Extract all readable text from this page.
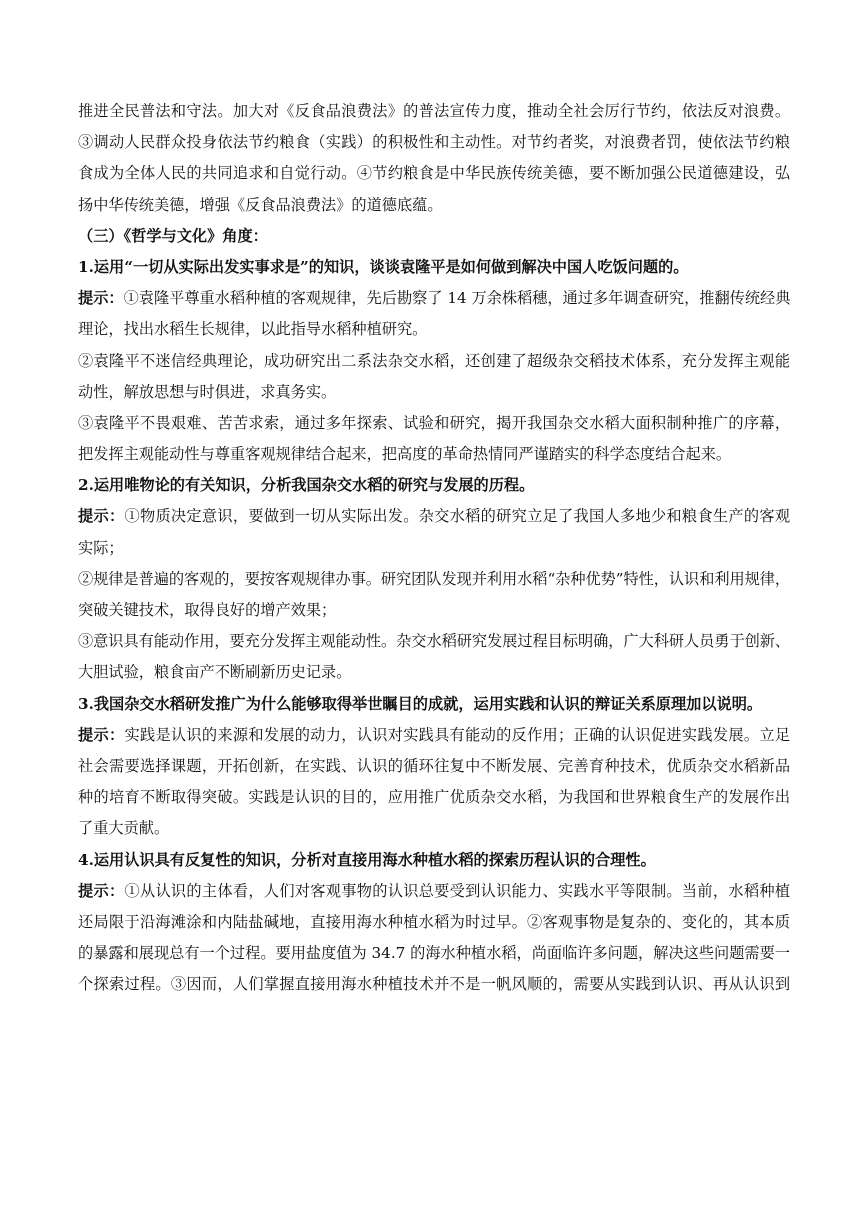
推进全民普法和守法。加大对《反食品浪费法》的普法宣传力度，推动全社会厉行节约，依法反对浪费。
③调动人民群众投身依法节约粮食（实践）的积极性和主动性。对节约者奖，对浪费者罚，使依法节约粮
食成为全体人民的共同追求和自觉行动。④节约粮食是中华民族传统美德，要不断加强公民道德建设，弘
扬中华传统美德，增强《反食品浪费法》的道德底蕴。
（三）《哲学与文化》角度：
1.运用“一切从实际出发实事求是”的知识，谈谈袁隆平是如何做到解决中国人吃饭问题的。
提示：①袁隆平尊重水稻种植的客观规律，先后勘察了 14 万余株稻穗，通过多年调查研究，推翻传统经典
理论，找出水稻生长规律，以此指导水稻种植研究。
②袁隆平不迷信经典理论，成功研究出二系法杂交水稻，还创建了超级杂交稻技术体系，充分发挥主观能
动性，解放思想与时俱进，求真务实。
③袁隆平不畏艰难、苦苦求索，通过多年探索、试验和研究，揭开我国杂交水稻大面积制种推广的序幕，
把发挥主观能动性与尊重客观规律结合起来，把高度的革命热情同严谨踏实的科学态度结合起来。
2.运用唯物论的有关知识，分析我国杂交水稻的研究与发展的历程。
提示：①物质决定意识，要做到一切从实际出发。杂交水稻的研究立足了我国人多地少和粮食生产的客观
实际；
②规律是普遍的客观的，要按客观规律办事。研究团队发现并利用水稻“杂种优势”特性，认识和利用规律，
突破关键技术，取得良好的增产效果；
③意识具有能动作用，要充分发挥主观能动性。杂交水稻研究发展过程目标明确，广大科研人员勇于创新、
大胆试验，粮食亩产不断刷新历史记录。
3.我国杂交水稻研发推广为什么能够取得举世瞩目的成就，运用实践和认识的辩证关系原理加以说明。
提示：实践是认识的来源和发展的动力，认识对实践具有能动的反作用；正确的认识促进实践发展。立足
社会需要选择课题，开拓创新，在实践、认识的循环往复中不断发展、完善育种技术，优质杂交水稻新品
种的培育不断取得突破。实践是认识的目的，应用推广优质杂交水稻，为我国和世界粮食生产的发展作出
了重大贡献。
4.运用认识具有反复性的知识，分析对直接用海水种植水稻的探索历程认识的合理性。
提示：①从认识的主体看，人们对客观事物的认识总要受到认识能力、实践水平等限制。当前，水稻种植
还局限于沿海滩涂和内陆盐碱地，直接用海水种植水稻为时过早。②客观事物是复杂的、变化的，其本质
的暴露和展现总有一个过程。要用盐度值为 34.7 的海水种植水稻，尚面临许多问题，解决这些问题需要一
个探索过程。③因而，人们掌握直接用海水种植技术并不是一帆风顺的，需要从实践到认识、再从认识到
